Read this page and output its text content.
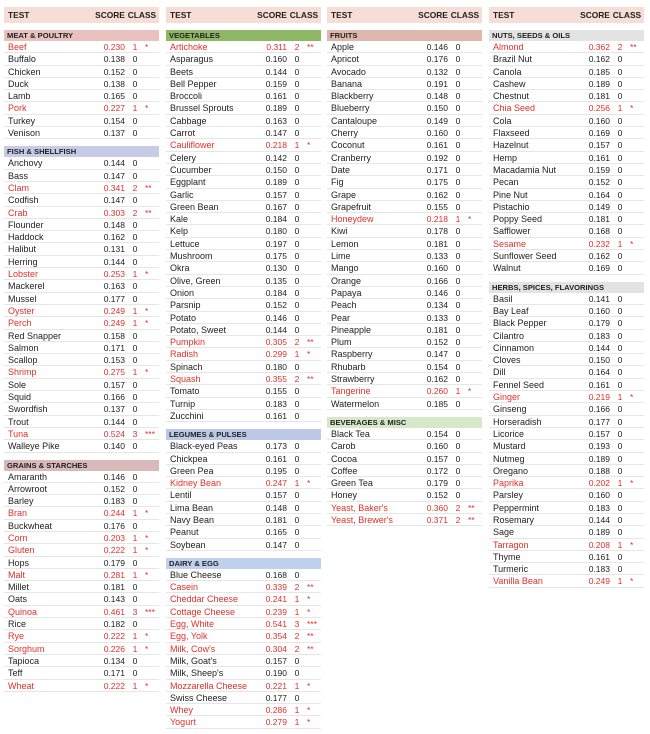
TEST	SCORE CLASS
MEAT & POULTRY
Beef	0.230 1 *
Buffalo	0.138 0
Chicken	0.152 0
Duck	0.138 0
Lamb	0.165 0
Pork	0.227 1 *
Turkey	0.154 0
Venison	0.137 0
FISH & SHELLFISH
Anchovy	0.144 0
Bass	0.147 0
Clam	0.341 2 **
Codfish	0.147 0
Crab	0.303 2 **
Flounder	0.148 0
Haddock	0.162 0
Halibut	0.131 0
Herring	0.144 0
Lobster	0.253 1 *
Mackerel	0.163 0
Mussel	0.177 0
Oyster	0.249 1 *
Perch	0.249 1 *
Red Snapper	0.158 0
Salmon	0.171 0
Scallop	0.153 0
Shrimp	0.275 1 *
Sole	0.157 0
Squid	0.166 0
Swordfish	0.137 0
Trout	0.144 0
Tuna	0.524 3 ***
Walleye Pike	0.140 0
GRAINS & STARCHES
Amaranth	0.146 0
Arrowroot	0.152 0
Barley	0.183 0
Bran	0.244 1 *
Buckwheat	0.176 0
Corn	0.203 1 *
Gluten	0.222 1 *
Hops	0.179 0
Malt	0.281 1 *
Millet	0.181 0
Oats	0.143 0
Quinoa	0.461 3 ***
Rice	0.182 0
Rye	0.222 1 *
Sorghum	0.226 1 *
Tapioca	0.134 0
Teff	0.171 0
Wheat	0.222 1 *
TEST	SCORE CLASS
VEGETABLES
Artichoke	0.311 2 **
Asparagus	0.160 0
Beets	0.144 0
Bell Pepper	0.159 0
Broccoli	0.161 0
Brussel Sprouts	0.189 0
Cabbage	0.163 0
Carrot	0.147 0
Cauliflower	0.218 1 *
Celery	0.142 0
Cucumber	0.150 0
Eggplant	0.189 0
Garlic	0.157 0
Green Bean	0.167 0
Kale	0.184 0
Kelp	0.180 0
Lettuce	0.197 0
Mushroom	0.175 0
Okra	0.130 0
Olive, Green	0.135 0
Onion	0.184 0
Parsnip	0.152 0
Potato	0.146 0
Potato, Sweet	0.144 0
Pumpkin	0.305 2 **
Radish	0.299 1 *
Spinach	0.180 0
Squash	0.355 2 **
Tomato	0.155 0
Turnip	0.183 0
Zucchini	0.161 0
LEGUMES & PULSES
Black-eyed Peas	0.173 0
Chickpea	0.161 0
Green Pea	0.195 0
Kidney Bean	0.247 1 *
Lentil	0.157 0
Lima Bean	0.148 0
Navy Bean	0.181 0
Peanut	0.165 0
Soybean	0.147 0
DAIRY & EGG
Blue Cheese	0.168 0
Casein	0.339 2 **
Cheddar Cheese	0.241 1 *
Cottage Cheese	0.239 1 *
Egg, White	0.541 3 ***
Egg, Yolk	0.354 2 **
Milk, Cow's	0.304 2 **
Milk, Goat's	0.157 0
Milk, Sheep's	0.190 0
Mozzarella Cheese	0.221 1 *
Swiss Cheese	0.177 0
Whey	0.286 1 *
Yogurt	0.279 1 *
TEST	SCORE CLASS
FRUITS
Apple	0.146 0
Apricot	0.176 0
Avocado	0.132 0
Banana	0.191 0
Blackberry	0.148 0
Blueberry	0.150 0
Cantaloupe	0.149 0
Cherry	0.160 0
Coconut	0.161 0
Cranberry	0.192 0
Date	0.171 0
Fig	0.175 0
Grape	0.162 0
Grapefruit	0.155 0
Honeydew	0.218 1 *
Kiwi	0.178 0
Lemon	0.181 0
Lime	0.133 0
Mango	0.160 0
Orange	0.166 0
Papaya	0.146 0
Peach	0.134 0
Pear	0.133 0
Pineapple	0.181 0
Plum	0.152 0
Raspberry	0.147 0
Rhubarb	0.154 0
Strawberry	0.162 0
Tangerine	0.260 1 *
Watermelon	0.185 0
BEVERAGES & MISC
Black Tea	0.154 0
Carob	0.160 0
Cocoa	0.157 0
Coffee	0.172 0
Green Tea	0.179 0
Honey	0.152 0
Yeast, Baker's	0.360 2 **
Yeast, Brewer's	0.371 2 **
TEST	SCORE CLASS
NUTS, SEEDS & OILS
Almond	0.362 2 **
Brazil Nut	0.162 0
Canola	0.185 0
Cashew	0.189 0
Chestnut	0.181 0
Chia Seed	0.256 1 *
Cola	0.160 0
Flaxseed	0.169 0
Hazelnut	0.157 0
Hemp	0.161 0
Macadamia Nut	0.159 0
Pecan	0.152 0
Pine Nut	0.164 0
Pistachio	0.149 0
Poppy Seed	0.181 0
Safflower	0.168 0
Sesame	0.232 1 *
Sunflower Seed	0.162 0
Walnut	0.169 0
HERBS, SPICES, FLAVORINGS
Basil	0.141 0
Bay Leaf	0.160 0
Black Pepper	0.179 0
Cilantro	0.183 0
Cinnamon	0.144 0
Cloves	0.150 0
Dill	0.164 0
Fennel Seed	0.161 0
Ginger	0.219 1 *
Ginseng	0.166 0
Horseradish	0.177 0
Licorice	0.157 0
Mustard	0.193 0
Nutmeg	0.189 0
Oregano	0.188 0
Paprika	0.202 1 *
Parsley	0.160 0
Peppermint	0.183 0
Rosemary	0.144 0
Sage	0.189 0
Tarragon	0.208 1 *
Thyme	0.161 0
Turmeric	0.183 0
Vanilla Bean	0.249 1 *
